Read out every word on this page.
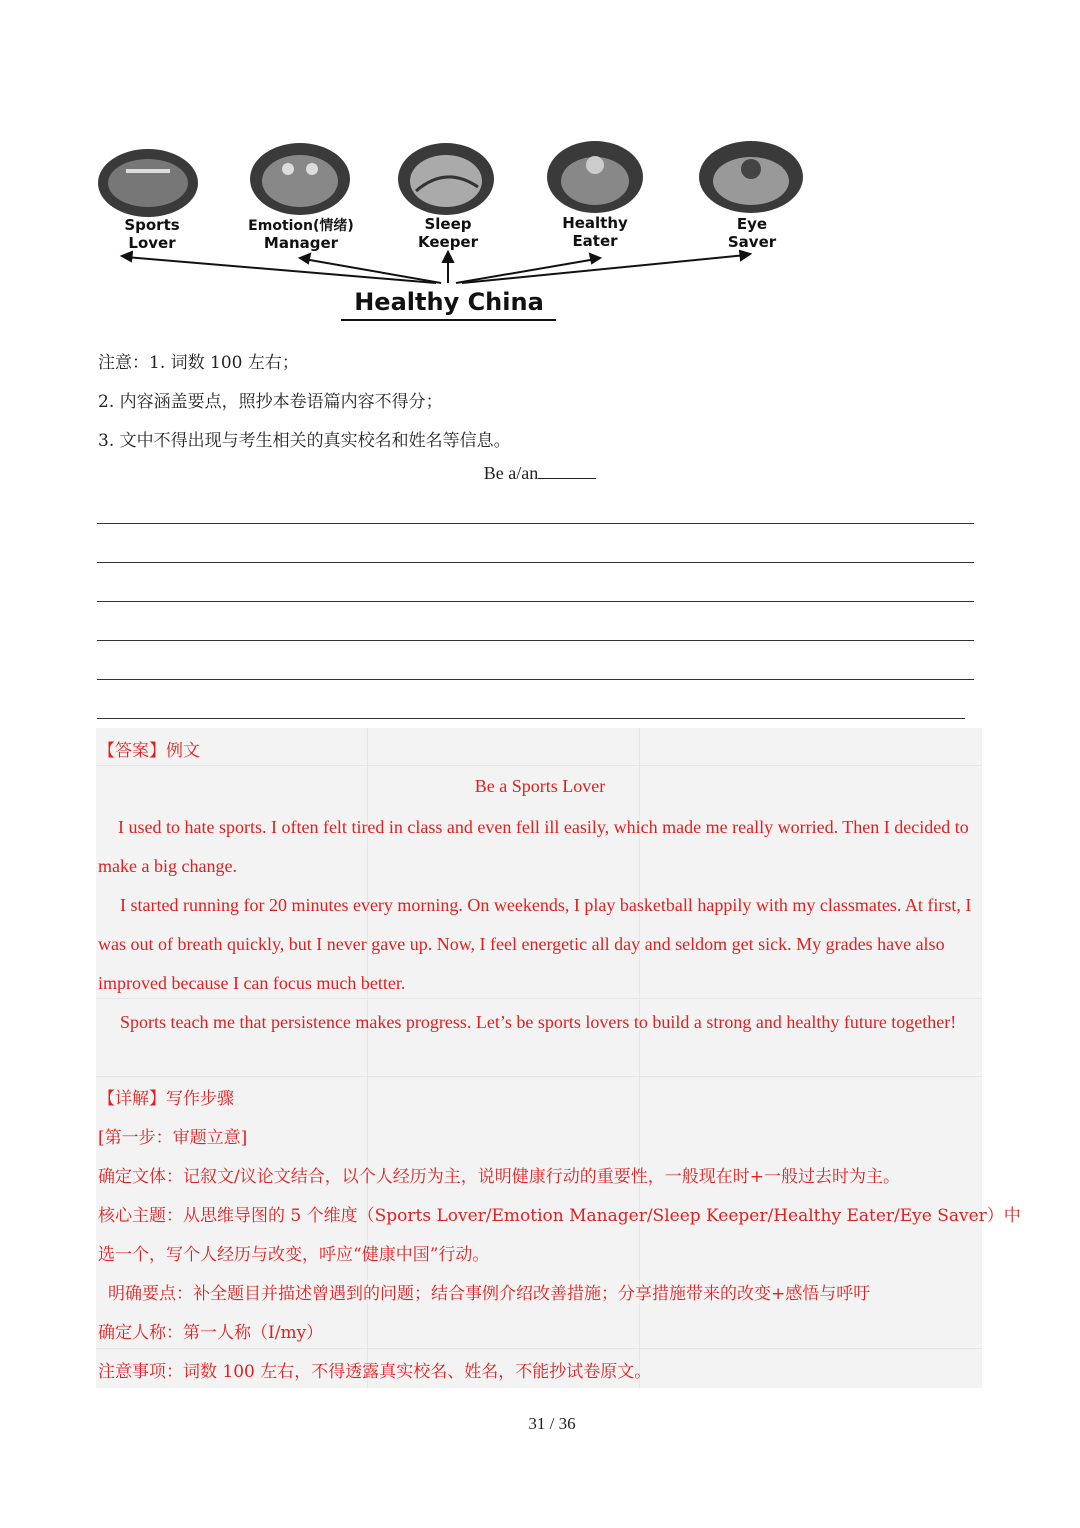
Sports
Lover
Emotion(情绪)
Manager
Sleep
Keeper
Healthy
Eater
Eye
Saver
Healthy China
注意：1. 词数 100 左右；
2. 内容涵盖要点，照抄本卷语篇内容不得分；
3. 文中不得出现与考生相关的真实校名和姓名等信息。
Be a/an
【答案】例文
Be a Sports Lover

I used to hate sports. I often felt tired in class and even fell ill easily, which made me really worried. Then I decided to make a big change.

I started running for 20 minutes every morning. On weekends, I play basketball happily with my classmates. At first, I was out of breath quickly, but I never gave up. Now, I feel energetic all day and seldom get sick. My grades have also improved because I can focus much better.

Sports teach me that persistence makes progress. Let’s be sports lovers to build a strong and healthy future together!

【详解】写作步骤
[第一步：审题立意]
确定文体：记叙文/议论文结合，以个人经历为主，说明健康行动的重要性，一般现在时+一般过去时为主。
核心主题：从思维导图的 5 个维度（Sports Lover/Emotion Manager/Sleep Keeper/Healthy Eater/Eye Saver）中
选一个，写个人经历与改变，呼应“健康中国”行动。
明确要点：补全题目并描述曾遇到的问题；结合事例介绍改善措施；分享措施带来的改变+感悟与呼吁
确定人称：第一人称（I/my）
注意事项：词数 100 左右，不得透露真实校名、姓名，不能抄试卷原文。
31 / 36
